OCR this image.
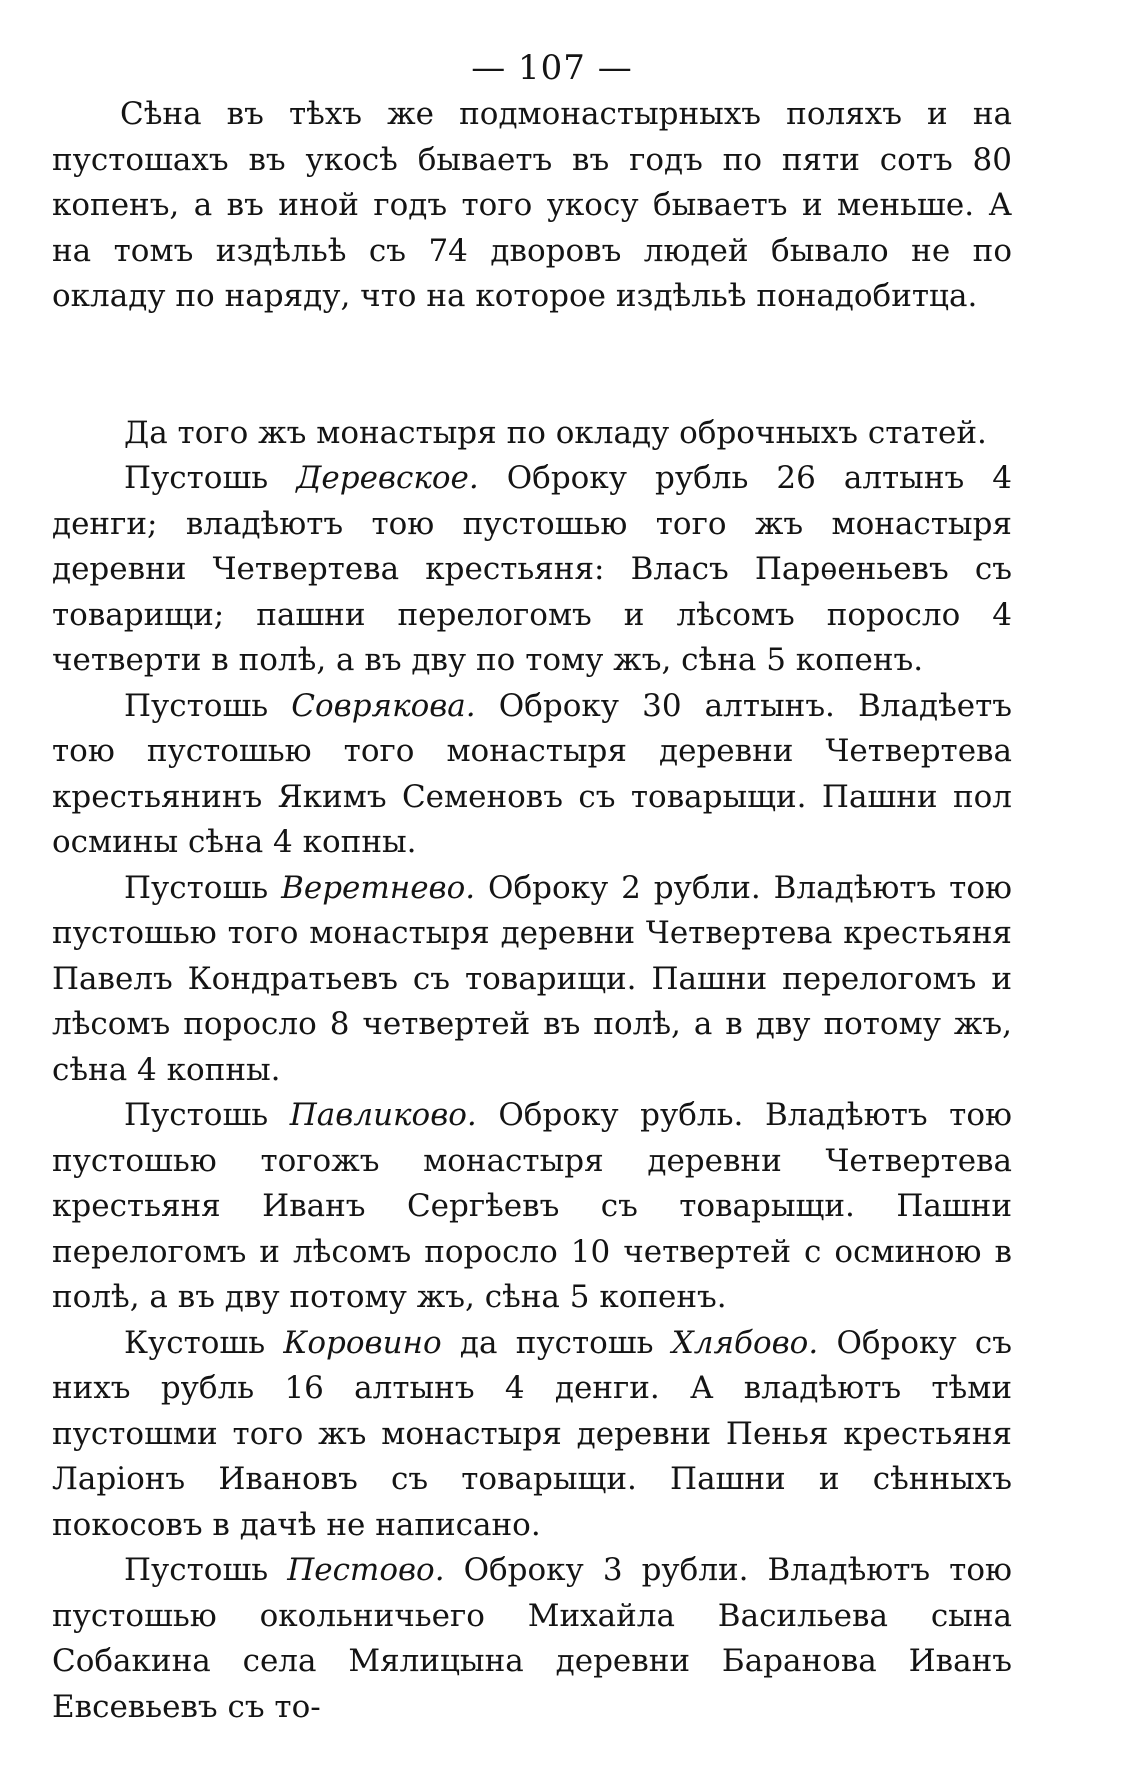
— 107 —

Сѣна въ тѣхъ же подмонастырныхъ поляхъ и на пустошахъ въ укосѣ бываетъ въ годъ по пяти сотъ 80 копенъ, а въ иной годъ того укосу бываетъ и меньше. А на томъ издѣльѣ съ 74 дворовъ людей бывало не по окладу по наряду, что на которое издѣльѣ понадобитца.

Да того жъ монастыря по окладу оброчныхъ статей.

Пустошь Деревское. Оброку рубль 26 алтынъ 4 денги; владѣютъ тою пустошью того жъ монастыря деревни Четвертева крестьяня: Власъ Парѳеньевъ съ товарищи; пашни перелогомъ и лѣсомъ поросло 4 четверти в полѣ, а въ дву по тому жъ, сѣна 5 копенъ.

Пустошь Соврякова. Оброку 30 алтынъ. Владѣетъ тою пустошью того монастыря деревни Четвертева крестьянинъ Якимъ Семеновъ съ товарыщи. Пашни пол осмины сѣна 4 копны.

Пустошь Веретнево. Оброку 2 рубли. Владѣютъ тою пустошью того монастыря деревни Четвертева крестьяня Павелъ Кондратьевъ съ товарищи. Пашни перелогомъ и лѣсомъ поросло 8 четвертей въ полѣ, а в дву потому жъ, сѣна 4 копны.

Пустошь Павликово. Оброку рубль. Владѣютъ тою пустошью тогожъ монастыря деревни Четвертева крестьяня Иванъ Сергѣевъ съ товарыщи. Пашни перелогомъ и лѣсомъ поросло 10 четвертей с осминою в полѣ, а въ дву потому жъ, сѣна 5 копенъ.

Кустошь Коровино да пустошь Хлябово. Оброку съ нихъ рубль 16 алтынъ 4 денги. А владѣютъ тѣми пустошми того жъ монастыря деревни Пенья крестьяня Ларіонъ Ивановъ съ товарыщи. Пашни и сѣнныхъ покосовъ в дачѣ не написано.

Пустошь Пестово. Оброку 3 рубли. Владѣютъ тою пустошью окольничьего Михайла Васильева сына Собакина села Мялицына деревни Баранова Иванъ Евсевьевъ съ то-
